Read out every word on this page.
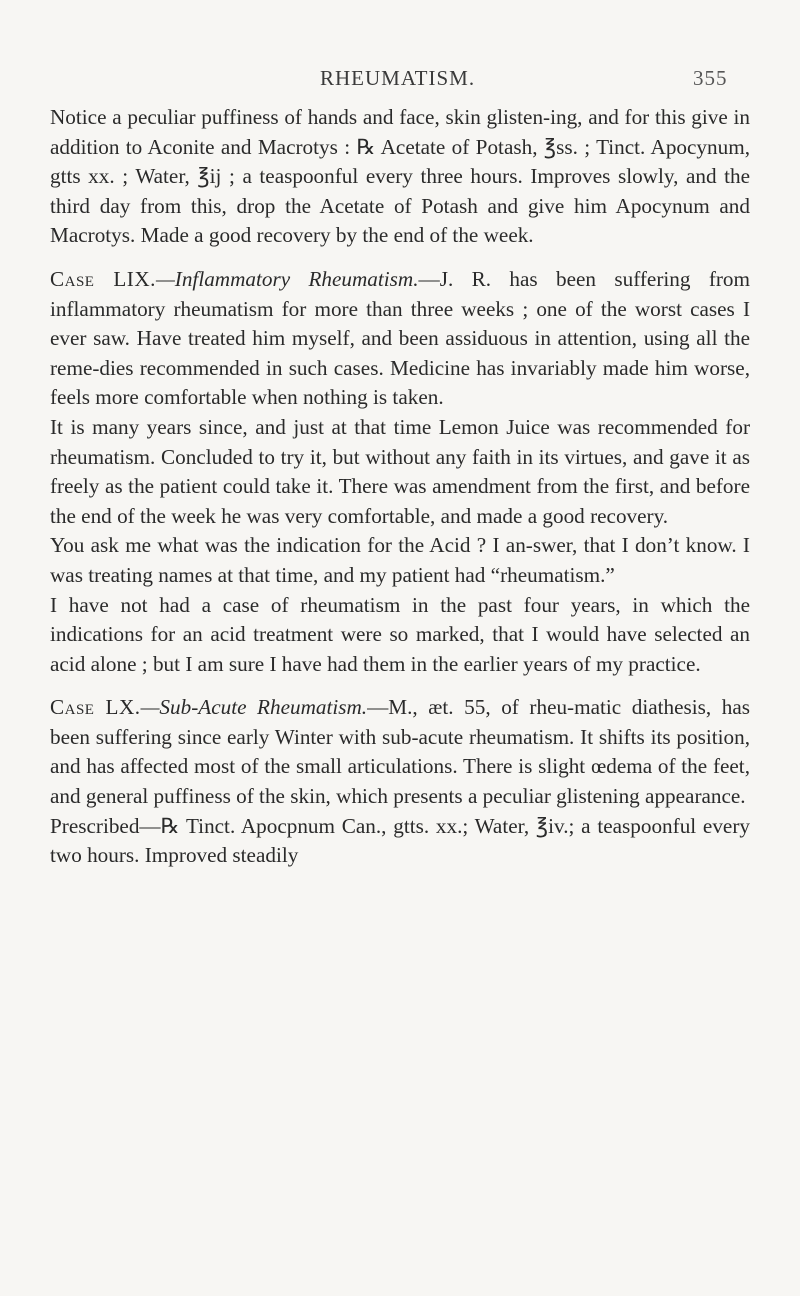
RHEUMATISM.	355

Notice a peculiar puffiness of hands and face, skin glisten-ing, and for this give in addition to Aconite and Macrotys : ℞ Acetate of Potash, ℥ss. ; Tinct. Apocynum, gtts xx. ; Water, ℥ij ; a teaspoonful every three hours. Improves slowly, and the third day from this, drop the Acetate of Potash and give him Apocynum and Macrotys. Made a good recovery by the end of the week.

Case LIX.—Inflammatory Rheumatism.—J. R. has been suffering from inflammatory rheumatism for more than three weeks ; one of the worst cases I ever saw. Have treated him myself, and been assiduous in attention, using all the reme-dies recommended in such cases. Medicine has invariably made him worse, feels more comfortable when nothing is taken.

It is many years since, and just at that time Lemon Juice was recommended for rheumatism. Concluded to try it, but without any faith in its virtues, and gave it as freely as the patient could take it. There was amendment from the first, and before the end of the week he was very comfortable, and made a good recovery.

You ask me what was the indication for the Acid ? I an-swer, that I don’t know. I was treating names at that time, and my patient had “rheumatism.”

I have not had a case of rheumatism in the past four years, in which the indications for an acid treatment were so marked, that I would have selected an acid alone ; but I am sure I have had them in the earlier years of my practice.

Case LX.—Sub-Acute Rheumatism.—M., æt. 55, of rheu-matic diathesis, has been suffering since early Winter with sub-acute rheumatism. It shifts its position, and has affected most of the small articulations. There is slight œdema of the feet, and general puffiness of the skin, which presents a peculiar glistening appearance.

Prescribed—℞ Tinct. Apocpnum Can., gtts. xx.; Water, ℥iv.; a teaspoonful every two hours. Improved steadily
